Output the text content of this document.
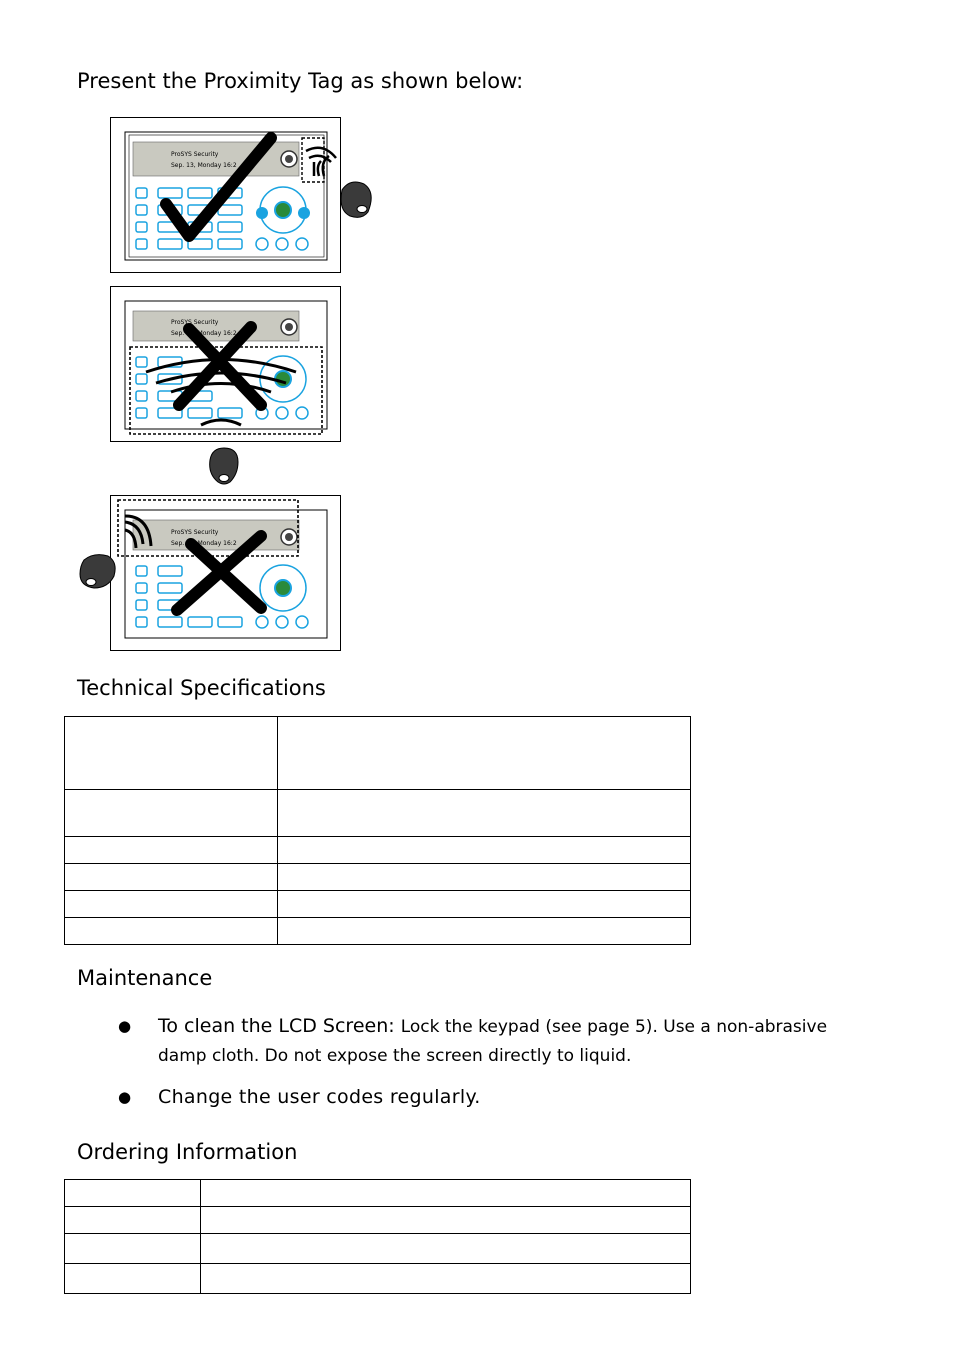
Present the Proximity Tag as shown below:
ProSYS Security
Sep. 13, Monday 16:2
ProSYS Security
Sep. 13, Monday 16:2
ProSYS Security
Sep. 13, Monday 16:2
Technical Specifications

Maintenance
● To clean the LCD Screen: Lock the keypad (see page 5). Use a non-abrasive damp cloth. Do not expose the screen directly to liquid.
● Change the user codes regularly.
Ordering Information
